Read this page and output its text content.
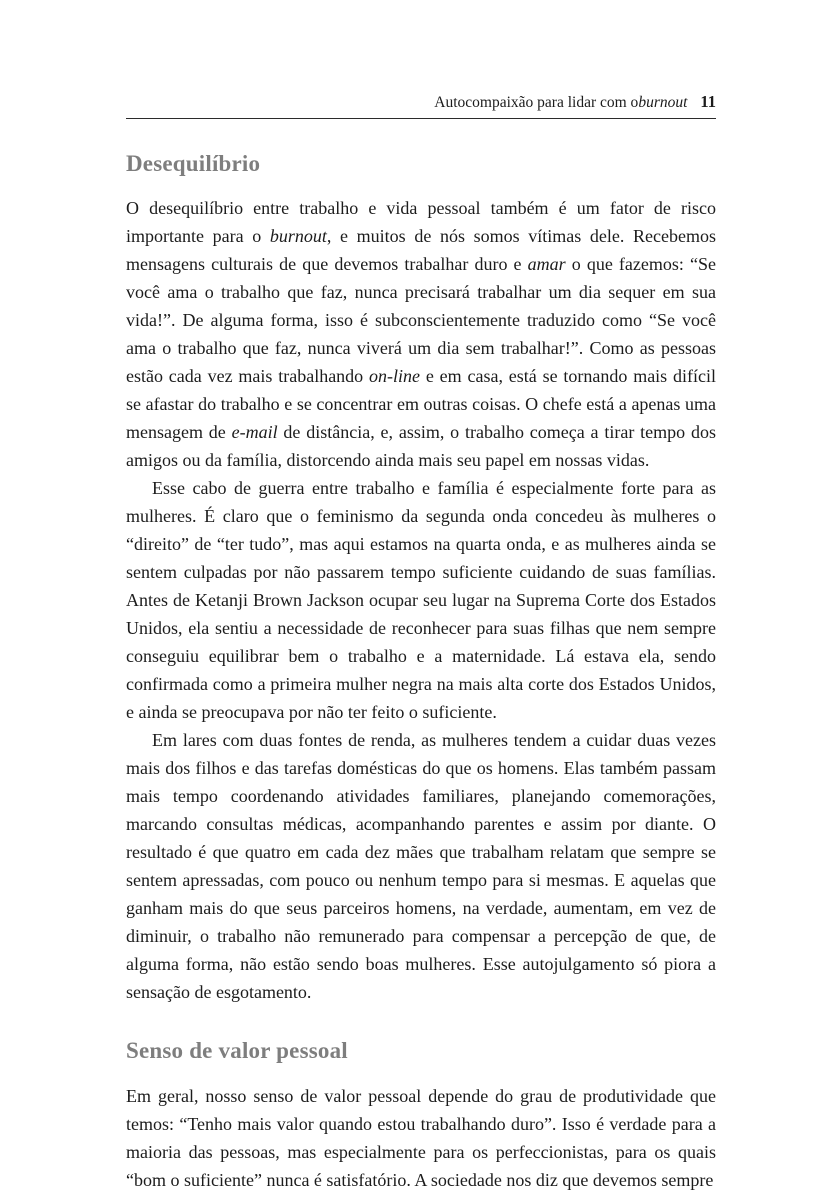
Autocompaixão para lidar com o burnout 11
Desequilíbrio

O desequilíbrio entre trabalho e vida pessoal também é um fator de risco importante para o burnout, e muitos de nós somos vítimas dele. Recebemos mensagens culturais de que devemos trabalhar duro e amar o que fazemos: “Se você ama o trabalho que faz, nunca precisará trabalhar um dia sequer em sua vida!”. De alguma forma, isso é subconscientemente traduzido como “Se você ama o trabalho que faz, nunca viverá um dia sem trabalhar!”. Como as pessoas estão cada vez mais trabalhando on-line e em casa, está se tornando mais difícil se afastar do trabalho e se concentrar em outras coisas. O chefe está a apenas uma mensagem de e-mail de distância, e, assim, o trabalho começa a tirar tempo dos amigos ou da família, distorcendo ainda mais seu papel em nossas vidas.

Esse cabo de guerra entre trabalho e família é especialmente forte para as mulheres. É claro que o feminismo da segunda onda concedeu às mulheres o “direito” de “ter tudo”, mas aqui estamos na quarta onda, e as mulheres ainda se sentem culpadas por não passarem tempo suficiente cuidando de suas famílias. Antes de Ketanji Brown Jackson ocupar seu lugar na Suprema Corte dos Estados Unidos, ela sentiu a necessidade de reconhecer para suas filhas que nem sempre conseguiu equilibrar bem o trabalho e a maternidade. Lá estava ela, sendo confirmada como a primeira mulher negra na mais alta corte dos Estados Unidos, e ainda se preocupava por não ter feito o suficiente.

Em lares com duas fontes de renda, as mulheres tendem a cuidar duas vezes mais dos filhos e das tarefas domésticas do que os homens. Elas também passam mais tempo coordenando atividades familiares, planejando comemorações, marcando consultas médicas, acompanhando parentes e assim por diante. O resultado é que quatro em cada dez mães que trabalham relatam que sempre se sentem apressadas, com pouco ou nenhum tempo para si mesmas. E aquelas que ganham mais do que seus parceiros homens, na verdade, aumentam, em vez de diminuir, o trabalho não remunerado para compensar a percepção de que, de alguma forma, não estão sendo boas mulheres. Esse autojulgamento só piora a sensação de esgotamento.

Senso de valor pessoal

Em geral, nosso senso de valor pessoal depende do grau de produtividade que temos: “Tenho mais valor quando estou trabalhando duro”. Isso é verdade para a maioria das pessoas, mas especialmente para os perfeccionistas, para os quais “bom o suficiente” nunca é satisfatório. A sociedade nos diz que devemos sempre
